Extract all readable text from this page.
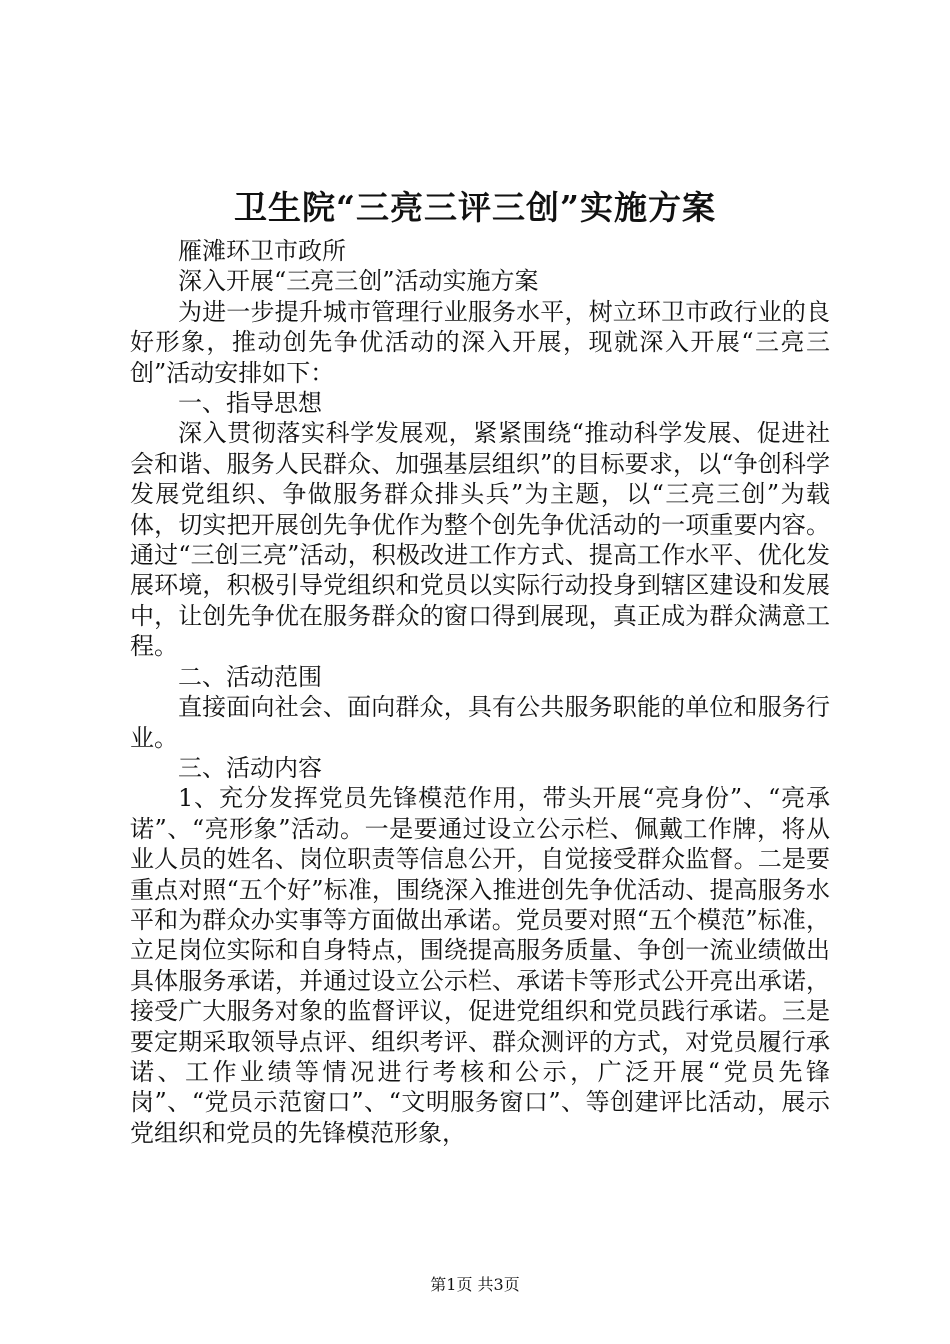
卫生院“三亮三评三创”实施方案

雁滩环卫市政所

深入开展“三亮三创”活动实施方案

为进一步提升城市管理行业服务水平，树立环卫市政行业的良好形象，推动创先争优活动的深入开展，现就深入开展“三亮三创”活动安排如下：

一、指导思想

深入贯彻落实科学发展观，紧紧围绕“推动科学发展、促进社会和谐、服务人民群众、加强基层组织”的目标要求，以“争创科学发展党组织、争做服务群众排头兵”为主题，以“三亮三创”为载体，切实把开展创先争优作为整个创先争优活动的一项重要内容。通过“三创三亮”活动，积极改进工作方式、提高工作水平、优化发展环境，积极引导党组织和党员以实际行动投身到辖区建设和发展中，让创先争优在服务群众的窗口得到展现，真正成为群众满意工程。

二、活动范围

直接面向社会、面向群众，具有公共服务职能的单位和服务行业。

三、活动内容

1、充分发挥党员先锋模范作用，带头开展“亮身份”、“亮承诺”、“亮形象”活动。一是要通过设立公示栏、佩戴工作牌，将从业人员的姓名、岗位职责等信息公开，自觉接受群众监督。二是要重点对照“五个好”标准，围绕深入推进创先争优活动、提高服务水平和为群众办实事等方面做出承诺。党员要对照“五个模范”标准，立足岗位实际和自身特点，围绕提高服务质量、争创一流业绩做出具体服务承诺，并通过设立公示栏、承诺卡等形式公开亮出承诺，接受广大服务对象的监督评议，促进党组织和党员践行承诺。三是要定期采取领导点评、组织考评、群众测评的方式，对党员履行承诺、工作业绩等情况进行考核和公示，广泛开展“党员先锋岗”、“党员示范窗口”、“文明服务窗口”、等创建评比活动，展示党组织和党员的先锋模范形象，

第1页 共3页
